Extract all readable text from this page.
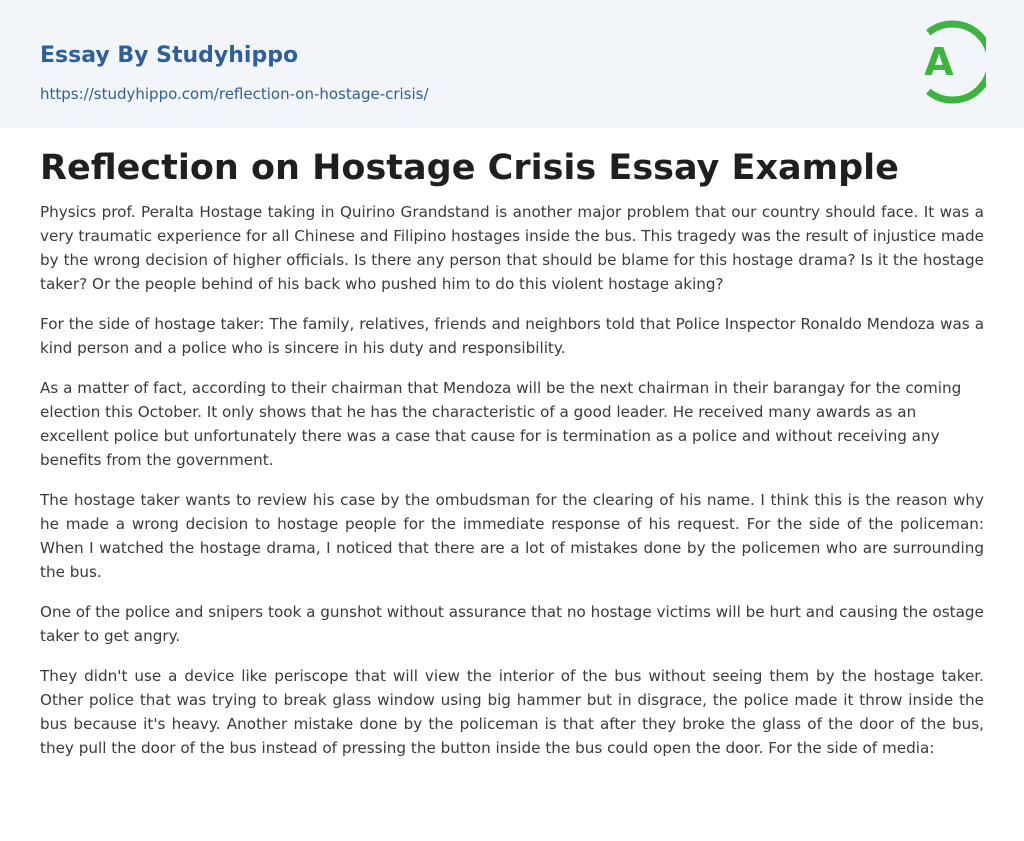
Essay By Studyhippo
https://studyhippo.com/reflection-on-hostage-crisis/
A
Reflection on Hostage Crisis Essay Example

Physics prof. Peralta Hostage taking in Quirino Grandstand is another major problem that our country should face. It was a very traumatic experience for all Chinese and Filipino hostages inside the bus. This tragedy was the result of injustice made by the wrong decision of higher officials. Is there any person that should be blame for this hostage drama? Is it the hostage taker? Or the people behind of his back who pushed him to do this violent hostage aking?

For the side of hostage taker: The family, relatives, friends and neighbors told that Police Inspector Ronaldo Mendoza was a kind person and a police who is sincere in his duty and responsibility.

As a matter of fact, according to their chairman that Mendoza will be the next chairman in their barangay for the coming election this October. It only shows that he has the characteristic of a good leader. He received many awards as an excellent police but unfortunately there was a case that cause for is termination as a police and without receiving any benefits from the government.

The hostage taker wants to review his case by the ombudsman for the clearing of his name. I think this is the reason why he made a wrong decision to hostage people for the immediate response of his request. For the side of the policeman: When I watched the hostage drama, I noticed that there are a lot of mistakes done by the policemen who are surrounding the bus.

One of the police and snipers took a gunshot without assurance that no hostage victims will be hurt and causing the ostage taker to get angry.

They didn't use a device like periscope that will view the interior of the bus without seeing them by the hostage taker. Other police that was trying to break glass window using big hammer but in disgrace, the police made it throw inside the bus because it's heavy. Another mistake done by the policeman is that after they broke the glass of the door of the bus, they pull the door of the bus instead of pressing the button inside the bus could open the door. For the side of media:
